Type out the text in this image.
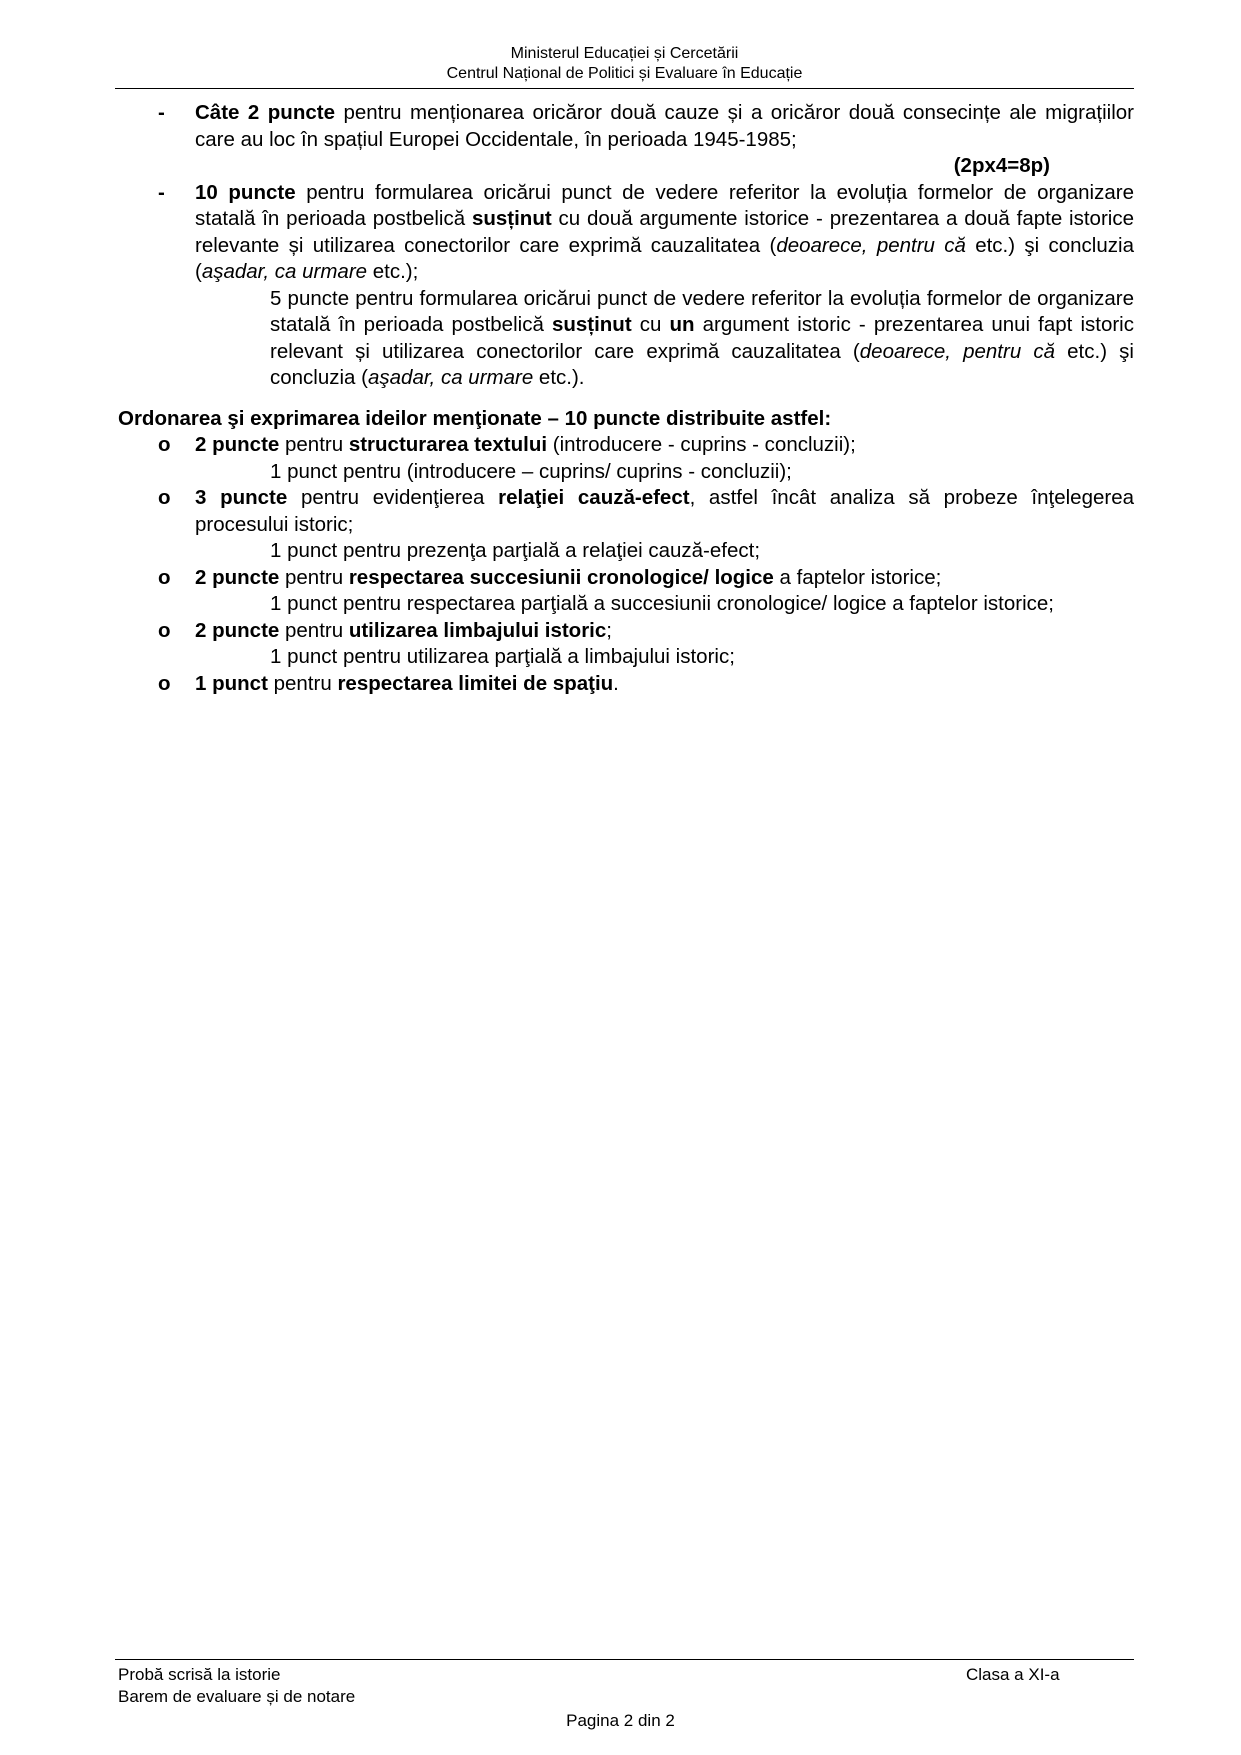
Ministerul Educației și Cercetării
Centrul Național de Politici și Evaluare în Educație
- Câte 2 puncte pentru menționarea oricăror două cauze și a oricăror două consecințe ale migrațiilor care au loc în spațiul Europei Occidentale, în perioada 1945-1985;
(2px4=8p)
- 10 puncte pentru formularea oricărui punct de vedere referitor la evoluția formelor de organizare statală în perioada postbelică susținut cu două argumente istorice - prezentarea a două fapte istorice relevante și utilizarea conectorilor care exprimă cauzalitatea (deoarece, pentru că etc.) şi concluzia (aşadar, ca urmare etc.);
5 puncte pentru formularea oricărui punct de vedere referitor la evoluția formelor de organizare statală în perioada postbelică susținut cu un argument istoric - prezentarea unui fapt istoric relevant și utilizarea conectorilor care exprimă cauzalitatea (deoarece, pentru că etc.) şi concluzia (aşadar, ca urmare etc.).
Ordonarea şi exprimarea ideilor menţionate – 10 puncte distribuite astfel:
o 2 puncte pentru structurarea textului (introducere - cuprins - concluzii);
1 punct pentru (introducere – cuprins/ cuprins - concluzii);
o 3 puncte pentru evidenţierea relaţiei cauză-efect, astfel încât analiza să probeze înţelegerea procesului istoric;
1 punct pentru prezenţa parţială a relaţiei cauză-efect;
o 2 puncte pentru respectarea succesiunii cronologice/ logice a faptelor istorice;
1 punct pentru respectarea parţială a succesiunii cronologice/ logice a faptelor istorice;
o 2 puncte pentru utilizarea limbajului istoric;
1 punct pentru utilizarea parţială a limbajului istoric;
o 1 punct pentru respectarea limitei de spaţiu.
Probă scrisă la istorie
Barem de evaluare și de notare
Clasa a XI-a
Pagina 2 din 2
